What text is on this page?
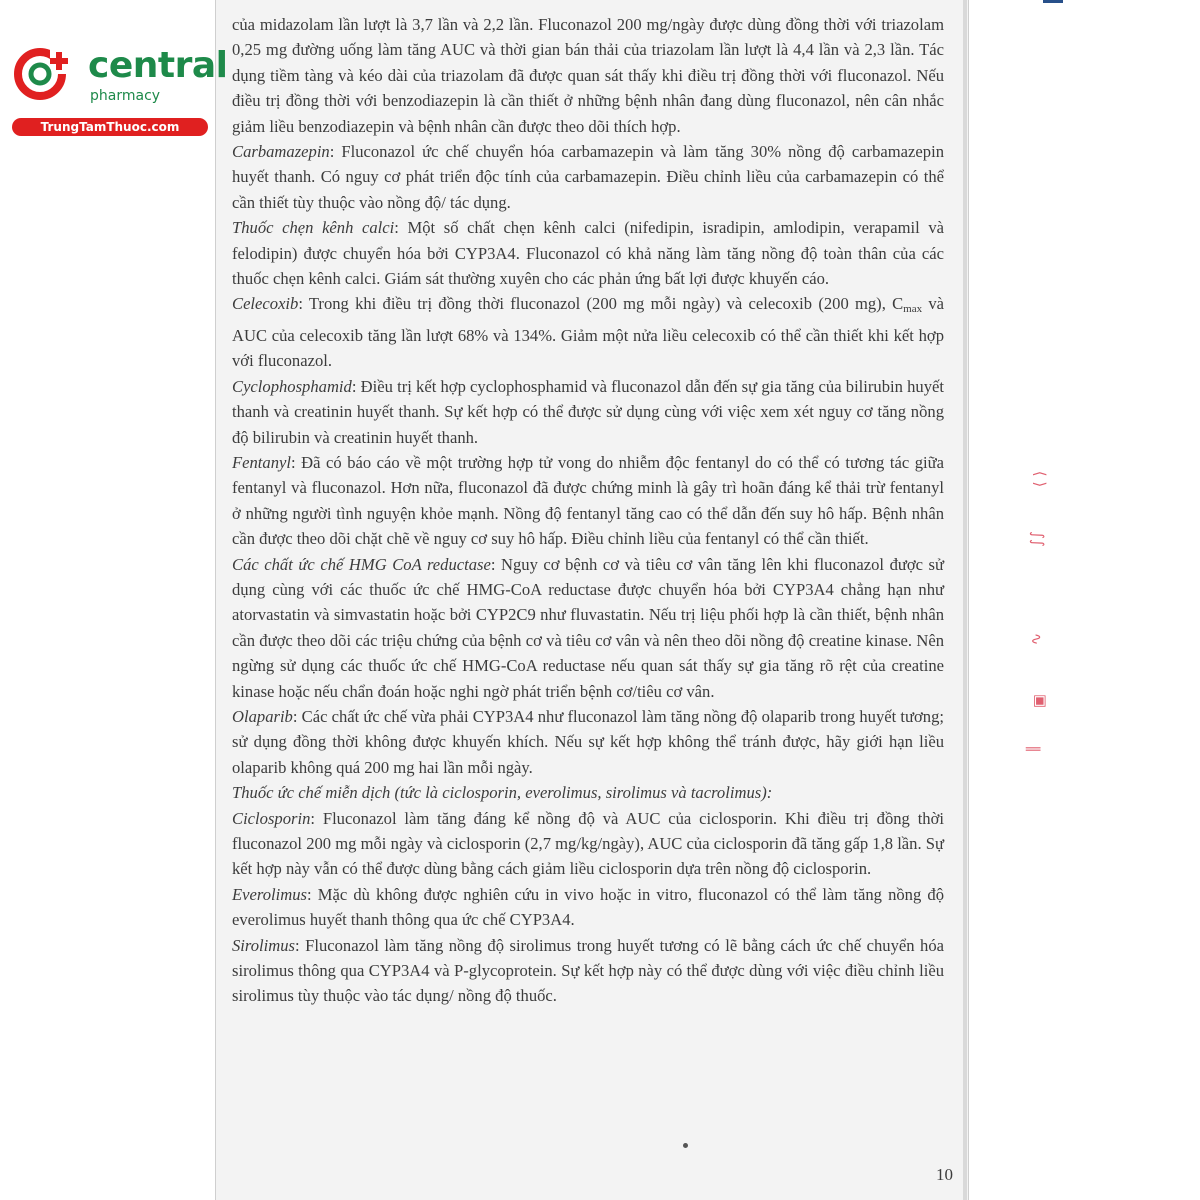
central
pharmacy
TrungTamThuoc.com

của midazolam lần lượt là 3,7 lần và 2,2 lần. Fluconazol 200 mg/ngày được dùng đồng thời với triazolam 0,25 mg đường uống làm tăng AUC và thời gian bán thải của triazolam lần lượt là 4,4 lần và 2,3 lần. Tác dụng tiềm tàng và kéo dài của triazolam đã được quan sát thấy khi điều trị đồng thời với fluconazol. Nếu điều trị đồng thời với benzodiazepin là cần thiết ở những bệnh nhân đang dùng fluconazol, nên cân nhắc giảm liều benzodiazepin và bệnh nhân cần được theo dõi thích hợp.

Carbamazepin: Fluconazol ức chế chuyển hóa carbamazepin và làm tăng 30% nồng độ carbamazepin huyết thanh. Có nguy cơ phát triển độc tính của carbamazepin. Điều chỉnh liều của carbamazepin có thể cần thiết tùy thuộc vào nồng độ/ tác dụng.

Thuốc chẹn kênh calci: Một số chất chẹn kênh calci (nifedipin, isradipin, amlodipin, verapamil và felodipin) được chuyển hóa bởi CYP3A4. Fluconazol có khả năng làm tăng nồng độ toàn thân của các thuốc chẹn kênh calci. Giám sát thường xuyên cho các phản ứng bất lợi được khuyến cáo.

Celecoxib: Trong khi điều trị đồng thời fluconazol (200 mg mỗi ngày) và celecoxib (200 mg), $C_{max}$ và AUC của celecoxib tăng lần lượt 68% và 134%. Giảm một nửa liều celecoxib có thể cần thiết khi kết hợp với fluconazol.

Cyclophosphamid: Điều trị kết hợp cyclophosphamid và fluconazol dẫn đến sự gia tăng của bilirubin huyết thanh và creatinin huyết thanh. Sự kết hợp có thể được sử dụng cùng với việc xem xét nguy cơ tăng nồng độ bilirubin và creatinin huyết thanh.

Fentanyl: Đã có báo cáo về một trường hợp tử vong do nhiễm độc fentanyl do có thể có tương tác giữa fentanyl và fluconazol. Hơn nữa, fluconazol đã được chứng minh là gây trì hoãn đáng kể thải trừ fentanyl ở những người tình nguyện khỏe mạnh. Nồng độ fentanyl tăng cao có thể dẫn đến suy hô hấp. Bệnh nhân cần được theo dõi chặt chẽ về nguy cơ suy hô hấp. Điều chỉnh liều của fentanyl có thể cần thiết.

Các chất ức chế HMG CoA reductase: Nguy cơ bệnh cơ và tiêu cơ vân tăng lên khi fluconazol được sử dụng cùng với các thuốc ức chế HMG-CoA reductase được chuyển hóa bởi CYP3A4 chẳng hạn như atorvastatin và simvastatin hoặc bởi CYP2C9 như fluvastatin. Nếu trị liệu phối hợp là cần thiết, bệnh nhân cần được theo dõi các triệu chứng của bệnh cơ và tiêu cơ vân và nên theo dõi nồng độ creatine kinase. Nên ngừng sử dụng các thuốc ức chế HMG-CoA reductase nếu quan sát thấy sự gia tăng rõ rệt của creatine kinase hoặc nếu chẩn đoán hoặc nghi ngờ phát triển bệnh cơ/tiêu cơ vân.

Olaparib: Các chất ức chế vừa phải CYP3A4 như fluconazol làm tăng nồng độ olaparib trong huyết tương; sử dụng đồng thời không được khuyến khích. Nếu sự kết hợp không thể tránh được, hãy giới hạn liều olaparib không quá 200 mg hai lần mỗi ngày.

Thuốc ức chế miễn dịch (tức là ciclosporin, everolimus, sirolimus và tacrolimus):

Ciclosporin: Fluconazol làm tăng đáng kể nồng độ và AUC của ciclosporin. Khi điều trị đồng thời fluconazol 200 mg mỗi ngày và ciclosporin (2,7 mg/kg/ngày), AUC của ciclosporin đã tăng gấp 1,8 lần. Sự kết hợp này vẫn có thể được dùng bằng cách giảm liều ciclosporin dựa trên nồng độ ciclosporin.

Everolimus: Mặc dù không được nghiên cứu in vivo hoặc in vitro, fluconazol có thể làm tăng nồng độ everolimus huyết thanh thông qua ức chế CYP3A4.

Sirolimus: Fluconazol làm tăng nồng độ sirolimus trong huyết tương có lẽ bằng cách ức chế chuyển hóa sirolimus thông qua CYP3A4 và P-glycoprotein. Sự kết hợp này có thể được dùng với việc điều chỉnh liều sirolimus tùy thuộc vào tác dụng/ nồng độ thuốc.

10
⟨ ⟩
∫∫
∿
▣
∥
